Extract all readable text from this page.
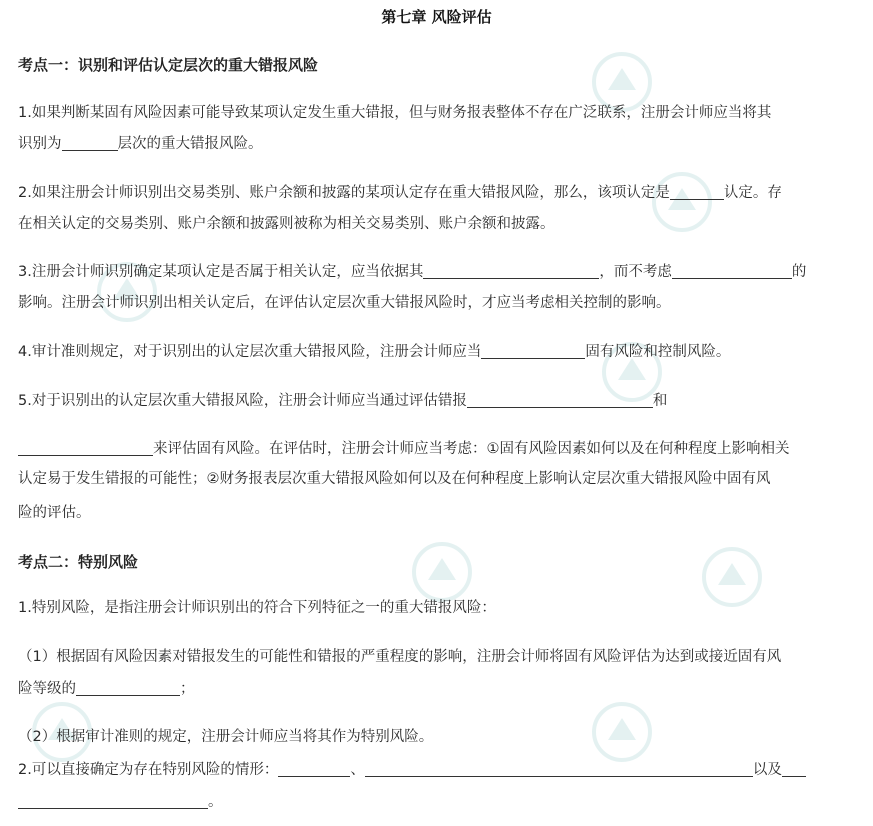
第七章 风险评估
考点一：识别和评估认定层次的重大错报风险
1.如果判断某固有风险因素可能导致某项认定发生重大错报，但与财务报表整体不存在广泛联系，注册会计师应当将其
识别为	层次的重大错报风险。
2.如果注册会计师识别出交易类别、账户余额和披露的某项认定存在重大错报风险，那么，该项认定是	认定。存
在相关认定的交易类别、账户余额和披露则被称为相关交易类别、账户余额和披露。
3.注册会计师识别确定某项认定是否属于相关认定，应当依据其	，而不考虑	的
影响。注册会计师识别出相关认定后，在评估认定层次重大错报风险时，才应当考虑相关控制的影响。
4.审计准则规定，对于识别出的认定层次重大错报风险，注册会计师应当	固有风险和控制风险。
5.对于识别出的认定层次重大错报风险，注册会计师应当通过评估错报	和
来评估固有风险。在评估时，注册会计师应当考虑：①固有风险因素如何以及在何种程度上影响相关
认定易于发生错报的可能性；②财务报表层次重大错报风险如何以及在何种程度上影响认定层次重大错报风险中固有风
险的评估。
考点二：特别风险
1.特别风险，是指注册会计师识别出的符合下列特征之一的重大错报风险：
（1）根据固有风险因素对错报发生的可能性和错报的严重程度的影响，注册会计师将固有风险评估为达到或接近固有风
险等级的	；
（2）根据审计准则的规定，注册会计师应当将其作为特别风险。
2.可以直接确定为存在特别风险的情形：	、	以及
。
